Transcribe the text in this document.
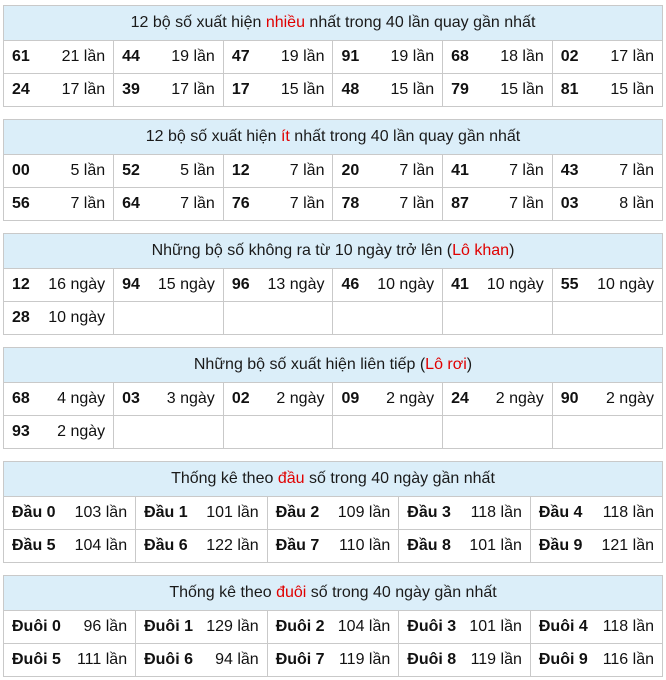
12 bộ số xuất hiện nhiều nhất trong 40 lần quay gần nhất
61 21 lần	44 19 lần	47 19 lần	91 19 lần	68 18 lần	02 17 lần

24 17 lần	39 17 lần	17 15 lần	48 15 lần	79 15 lần	81 15 lần
12 bộ số xuất hiện ít nhất trong 40 lần quay gần nhất
00 5 lần	52 5 lần	12 7 lần	20 7 lần	41 7 lần	43 7 lần

56 7 lần	64 7 lần	76 7 lần	78 7 lần	87 7 lần	03 8 lần
Những bộ số không ra từ 10 ngày trở lên (Lô khan)
12 16 ngày	94 15 ngày	96 13 ngày	46 10 ngày	41 10 ngày	55 10 ngày

28 10 ngày					

Những bộ số xuất hiện liên tiếp (Lô rơi)
68 4 ngày	03 3 ngày	02 2 ngày	09 2 ngày	24 2 ngày	90 2 ngày

93 2 ngày					

Thống kê theo đầu số trong 40 ngày gần nhất
Đầu 0 103 lần	Đầu 1 101 lần	Đầu 2 109 lần	Đầu 3 118 lần	Đầu 4 118 lần

Đầu 5 104 lần	Đầu 6 122 lần	Đầu 7 110 lần	Đầu 8 101 lần	Đầu 9 121 lần
Thống kê theo đuôi số trong 40 ngày gần nhất
Đuôi 0 96 lần	Đuôi 1 129 lần	Đuôi 2 104 lần	Đuôi 3 101 lần	Đuôi 4 118 lần

Đuôi 5 111 lần	Đuôi 6 94 lần	Đuôi 7 119 lần	Đuôi 8 119 lần	Đuôi 9 116 lần
